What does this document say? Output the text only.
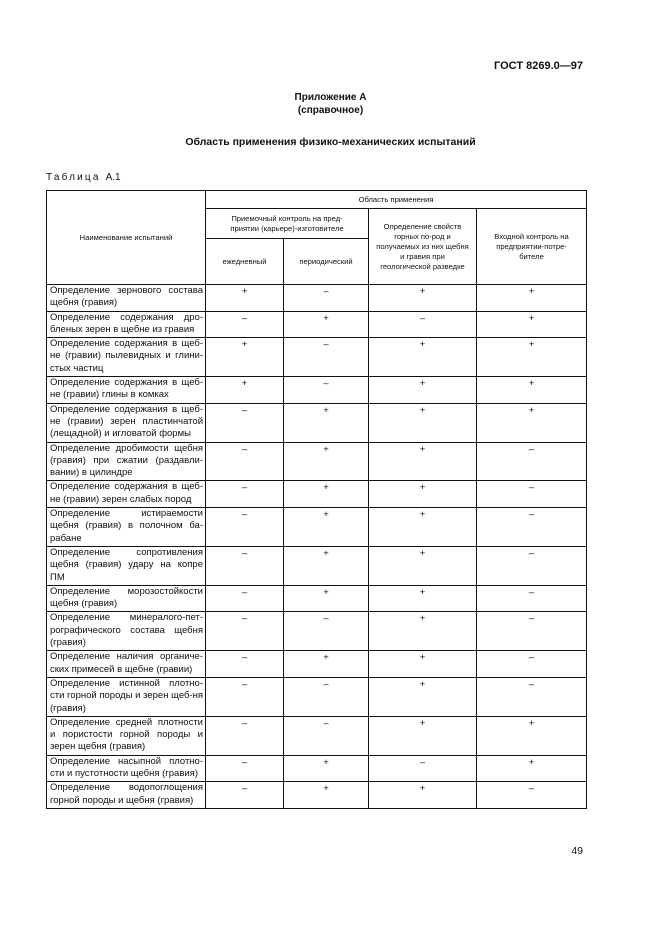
ГОСТ 8269.0—97
Приложение А
(справочное)
Область применения физико-механических испытаний
Таблица А.1
Наименование испытаний	Область применения			
	Приемочный контроль на пред-приятии (карьере)-изготовителе		Определение свойств горных по-род и получаемых из них щебня и гравия при геологической разведке	Входной контроль на предприятии-потре-бителе
	ежедневный	периодический		
Определение зернового состава щебня (гравия)	+	–	+	+
Определение содержания дро-бленых зерен в щебне из гравия	–	+	–	+
Определение содержания в щеб-не (гравии) пылевидных и глини-стых частиц	+	–	+	+
Определение содержания в щеб-не (гравии) глины в комках	+	–	+	+
Определение содержания в щеб-не (гравии) зерен пластинчатой (лещадной) и игловатой формы	–	+	+	+
Определение дробимости щебня (гравия) при сжатии (раздавли-вании) в цилиндре	–	+	+	–
Определение содержания в щеб-не (гравии) зерен слабых пород	–	+	+	–
Определение истираемости щебня (гравия) в полочном ба-рабане	–	+	+	–
Определение сопротивления щебня (гравия) удару на копре ПМ	–	+	+	–
Определение морозостойкости щебня (гравия)	–	+	+	–
Определение минералого-пет-рографического состава щебня (гравия)	–	–	+	–
Определение наличия органиче-ских примесей в щебне (гравии)	–	+	+	–
Определение истинной плотно-сти горной породы и зерен щеб-ня (гравия)	–	–	+	–
Определение средней плотности и пористости горной породы и зерен щебня (гравия)	–	–	+	+
Определение насыпной плотно-сти и пустотности щебня (гравия)	–	+	–	+
Определение водопоглощения горной породы и щебня (гравия)	–	+	+	–
49
